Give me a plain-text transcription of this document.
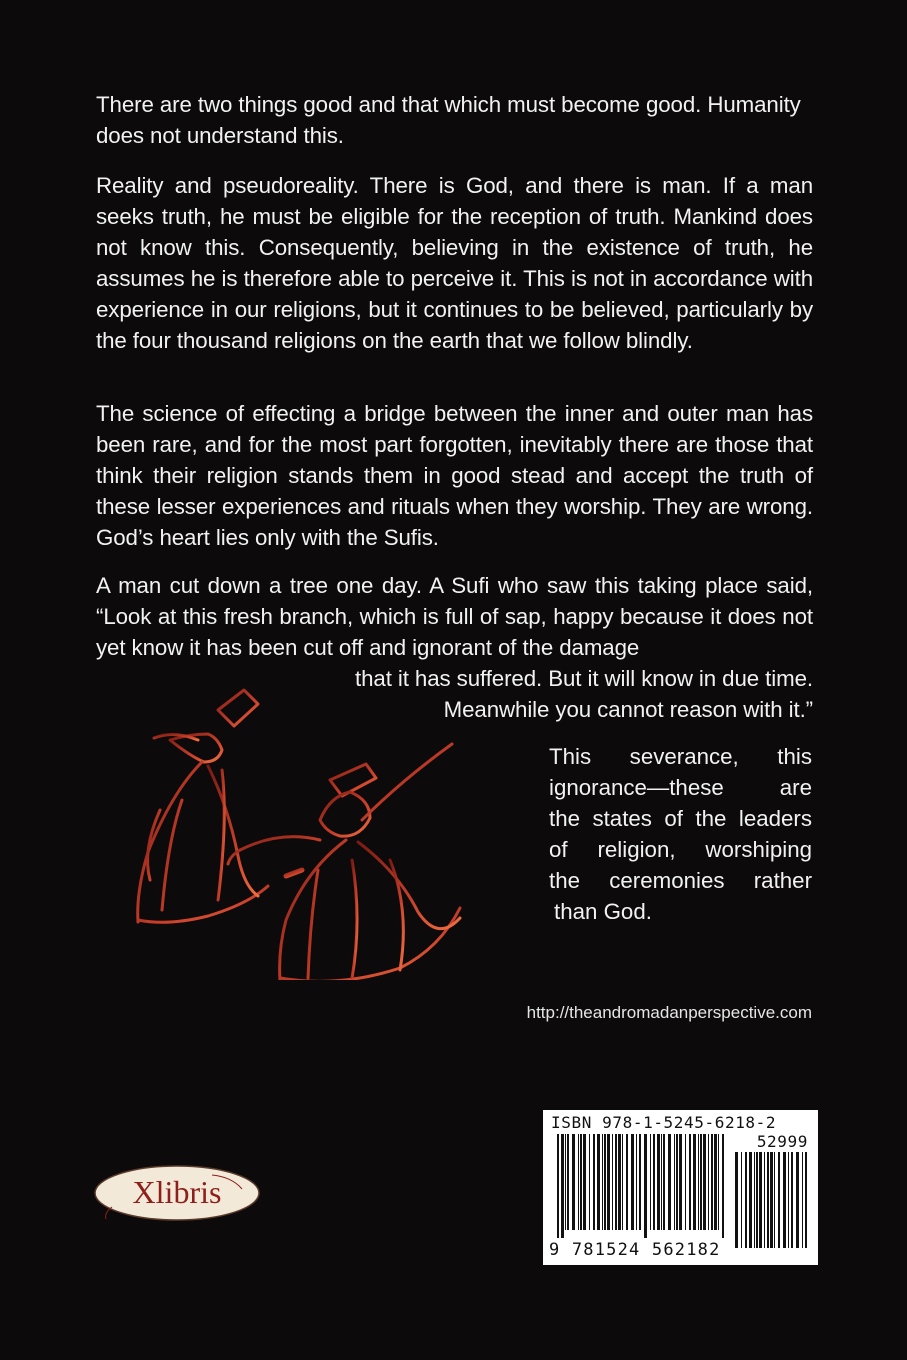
There are two things good and that which must become good. Humanity does not understand this.

Reality and pseudoreality. There is God, and there is man. If a man seeks truth, he must be eligible for the reception of truth. Mankind does not know this. Consequently, believing in the existence of truth, he assumes he is therefore able to perceive it. This is not in accordance with experience in our religions, but it continues to be believed, particularly by the four thousand religions on the earth that we follow blindly.

The science of effecting a bridge between the inner and outer man has been rare, and for the most part forgotten, inevitably there are those that think their religion stands them in good stead and accept the truth of these lesser experiences and rituals when they worship. They are wrong. God’s heart lies only with the Sufis.

A man cut down a tree one day. A Sufi who saw this taking place said, “Look at this fresh branch, which is full of sap, happy because it does not yet know it has been cut off and ignorant of the damage
that it has suffered. But it will know in due time.
Meanwhile you cannot reason with it.”

This severance, this
ignorance—these are
the states of the leaders
of religion, worshiping
the ceremonies rather
than God.

http://theandromadanperspective.com
Xlibris
ISBN 978-1-5245-6218-2
52999
9 781524 562182
